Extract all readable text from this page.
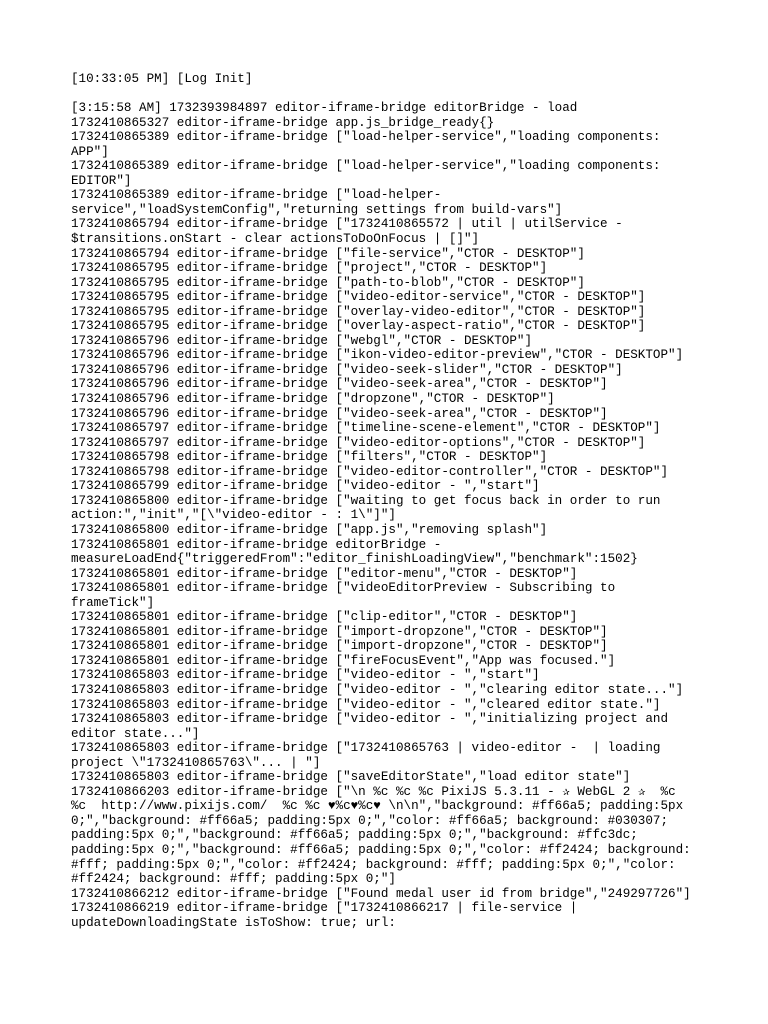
[10:33:05 PM] [Log Init]
[3:15:58 AM] 1732393984897 editor-iframe-bridge editorBridge - load
1732410865327 editor-iframe-bridge app.js_bridge_ready{}
1732410865389 editor-iframe-bridge ["load-helper-service","loading components:
APP"]
1732410865389 editor-iframe-bridge ["load-helper-service","loading components:
EDITOR"]
1732410865389 editor-iframe-bridge ["load-helper-
service","loadSystemConfig","returning settings from build-vars"]
1732410865794 editor-iframe-bridge ["1732410865572 | util | utilService -
$transitions.onStart - clear actionsToDoOnFocus | []"]
1732410865794 editor-iframe-bridge ["file-service","CTOR - DESKTOP"]
1732410865795 editor-iframe-bridge ["project","CTOR - DESKTOP"]
1732410865795 editor-iframe-bridge ["path-to-blob","CTOR - DESKTOP"]
1732410865795 editor-iframe-bridge ["video-editor-service","CTOR - DESKTOP"]
1732410865795 editor-iframe-bridge ["overlay-video-editor","CTOR - DESKTOP"]
1732410865795 editor-iframe-bridge ["overlay-aspect-ratio","CTOR - DESKTOP"]
1732410865796 editor-iframe-bridge ["webgl","CTOR - DESKTOP"]
1732410865796 editor-iframe-bridge ["ikon-video-editor-preview","CTOR - DESKTOP"]
1732410865796 editor-iframe-bridge ["video-seek-slider","CTOR - DESKTOP"]
1732410865796 editor-iframe-bridge ["video-seek-area","CTOR - DESKTOP"]
1732410865796 editor-iframe-bridge ["dropzone","CTOR - DESKTOP"]
1732410865796 editor-iframe-bridge ["video-seek-area","CTOR - DESKTOP"]
1732410865797 editor-iframe-bridge ["timeline-scene-element","CTOR - DESKTOP"]
1732410865797 editor-iframe-bridge ["video-editor-options","CTOR - DESKTOP"]
1732410865798 editor-iframe-bridge ["filters","CTOR - DESKTOP"]
1732410865798 editor-iframe-bridge ["video-editor-controller","CTOR - DESKTOP"]
1732410865799 editor-iframe-bridge ["video-editor - ","start"]
1732410865800 editor-iframe-bridge ["waiting to get focus back in order to run
action:","init","[\"video-editor - : 1\"]"]
1732410865800 editor-iframe-bridge ["app.js","removing splash"]
1732410865801 editor-iframe-bridge editorBridge -
measureLoadEnd{"triggeredFrom":"editor_finishLoadingView","benchmark":1502}
1732410865801 editor-iframe-bridge ["editor-menu","CTOR - DESKTOP"]
1732410865801 editor-iframe-bridge ["videoEditorPreview - Subscribing to
frameTick"]
1732410865801 editor-iframe-bridge ["clip-editor","CTOR - DESKTOP"]
1732410865801 editor-iframe-bridge ["import-dropzone","CTOR - DESKTOP"]
1732410865801 editor-iframe-bridge ["import-dropzone","CTOR - DESKTOP"]
1732410865801 editor-iframe-bridge ["fireFocusEvent","App was focused."]
1732410865803 editor-iframe-bridge ["video-editor - ","start"]
1732410865803 editor-iframe-bridge ["video-editor - ","clearing editor state..."]
1732410865803 editor-iframe-bridge ["video-editor - ","cleared editor state."]
1732410865803 editor-iframe-bridge ["video-editor - ","initializing project and
editor state..."]
1732410865803 editor-iframe-bridge ["1732410865763 | video-editor -  | loading
project \"1732410865763\"... | "]
1732410865803 editor-iframe-bridge ["saveEditorState","load editor state"]
1732410866203 editor-iframe-bridge ["\n %c %c %c PixiJS 5.3.11 - ✰ WebGL 2 ✰  %c
%c  http://www.pixijs.com/  %c %c ♥%c♥%c♥ \n\n","background: #ff66a5; padding:5px
0;","background: #ff66a5; padding:5px 0;","color: #ff66a5; background: #030307;
padding:5px 0;","background: #ff66a5; padding:5px 0;","background: #ffc3dc;
padding:5px 0;","background: #ff66a5; padding:5px 0;","color: #ff2424; background:
#fff; padding:5px 0;","color: #ff2424; background: #fff; padding:5px 0;","color:
#ff2424; background: #fff; padding:5px 0;"]
1732410866212 editor-iframe-bridge ["Found medal user id from bridge","249297726"]
1732410866219 editor-iframe-bridge ["1732410866217 | file-service |
updateDownloadingState isToShow: true; url:
